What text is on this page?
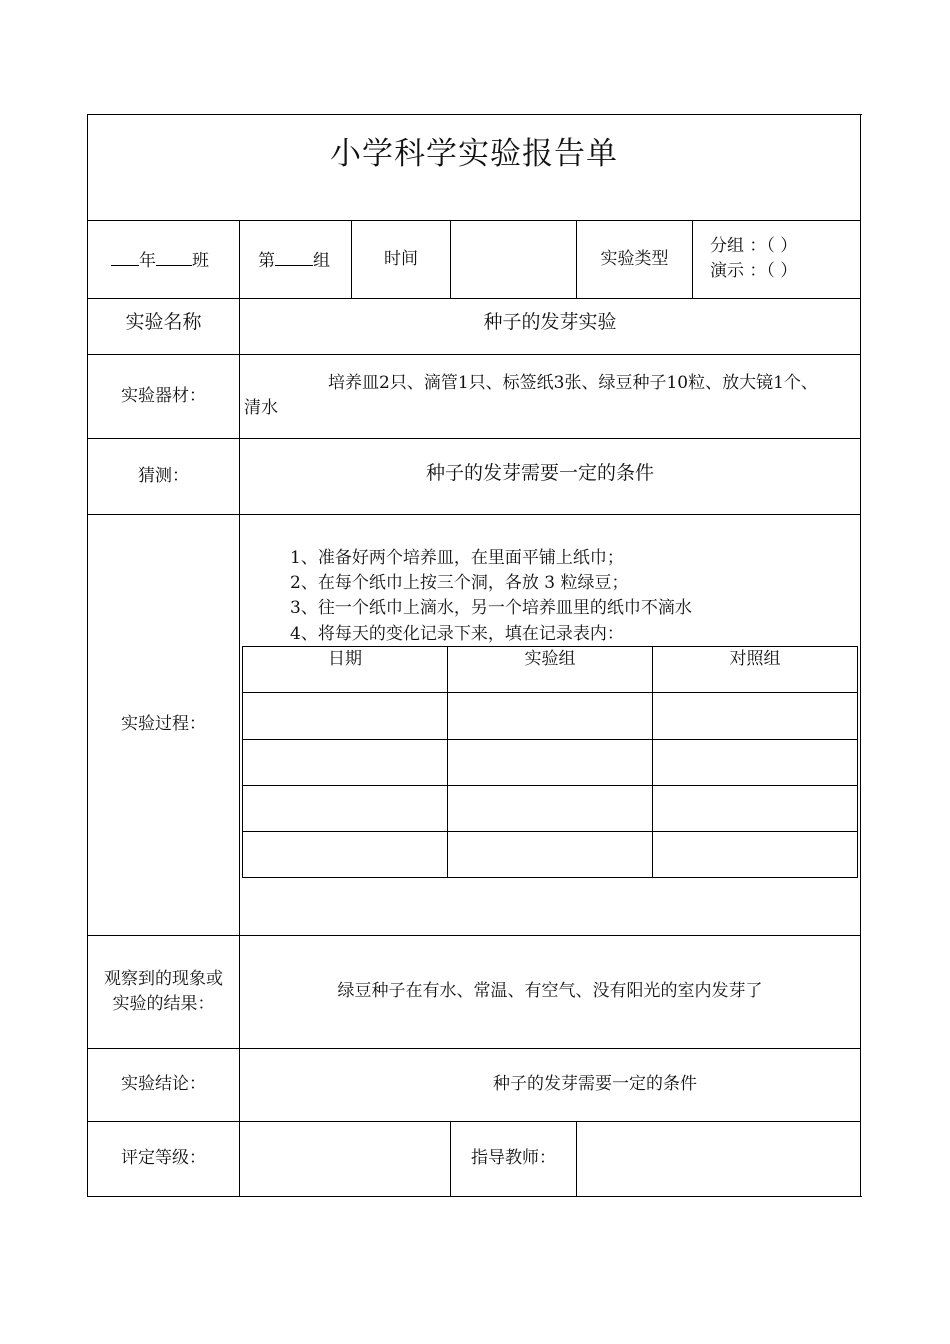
小学科学实验报告单
年 班	第 组	时间	实验类型
分组 ：（ ）
演示 ：（ ）
实验名称	种子的发芽实验
实验器材：
培养皿2只、滴管1只、标签纸3张、绿豆种子10粒、放大镜1个、
清水
猜测：	种子的发芽需要一定的条件
实验过程：
1、准备好两个培养皿，在里面平铺上纸巾；
2、在每个纸巾上按三个洞，各放 3 粒绿豆；
3、往一个纸巾上滴水，另一个培养皿里的纸巾不滴水
4、将每天的变化记录下来，填在记录表内：
日期	实验组	对照组
观察到的现象或
实验的结果：
绿豆种子在有水、常温、有空气、没有阳光的室内发芽了
实验结论：	种子的发芽需要一定的条件
评定等级：	指导教师：
